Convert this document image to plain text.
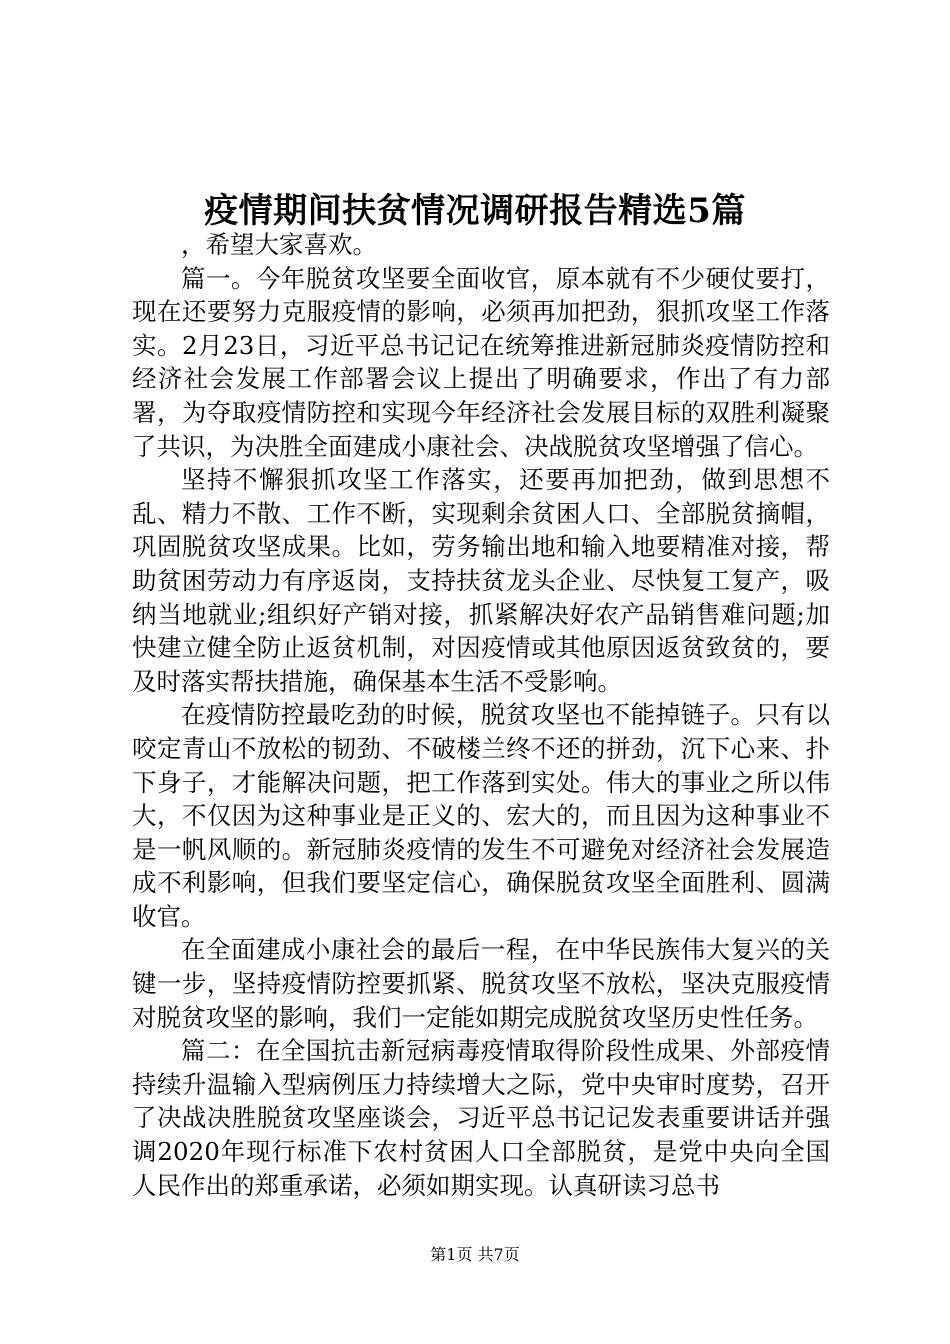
疫情期间扶贫情况调研报告精选5篇

，希望大家喜欢。

篇一。今年脱贫攻坚要全面收官，原本就有不少硬仗要打，现在还要努力克服疫情的影响，必须再加把劲，狠抓攻坚工作落实。2月23日，习近平总书记记在统筹推进新冠肺炎疫情防控和经济社会发展工作部署会议上提出了明确要求，作出了有力部署，为夺取疫情防控和实现今年经济社会发展目标的双胜利凝聚了共识，为决胜全面建成小康社会、决战脱贫攻坚增强了信心。

坚持不懈狠抓攻坚工作落实，还要再加把劲，做到思想不乱、精力不散、工作不断，实现剩余贫困人口、全部脱贫摘帽，巩固脱贫攻坚成果。比如，劳务输出地和输入地要精准对接，帮助贫困劳动力有序返岗，支持扶贫龙头企业、尽快复工复产，吸纳当地就业;组织好产销对接，抓紧解决好农产品销售难问题;加快建立健全防止返贫机制，对因疫情或其他原因返贫致贫的，要及时落实帮扶措施，确保基本生活不受影响。

在疫情防控最吃劲的时候，脱贫攻坚也不能掉链子。只有以咬定青山不放松的韧劲、不破楼兰终不还的拼劲，沉下心来、扑下身子，才能解决问题，把工作落到实处。伟大的事业之所以伟大，不仅因为这种事业是正义的、宏大的，而且因为这种事业不是一帆风顺的。新冠肺炎疫情的发生不可避免对经济社会发展造成不利影响，但我们要坚定信心，确保脱贫攻坚全面胜利、圆满收官。

在全面建成小康社会的最后一程，在中华民族伟大复兴的关键一步，坚持疫情防控要抓紧、脱贫攻坚不放松，坚决克服疫情对脱贫攻坚的影响，我们一定能如期完成脱贫攻坚历史性任务。

篇二：在全国抗击新冠病毒疫情取得阶段性成果、外部疫情持续升温输入型病例压力持续增大之际，党中央审时度势，召开了决战决胜脱贫攻坚座谈会，习近平总书记记发表重要讲话并强调2020年现行标准下农村贫困人口全部脱贫，是党中央向全国人民作出的郑重承诺，必须如期实现。认真研读习总书

第1页 共7页
